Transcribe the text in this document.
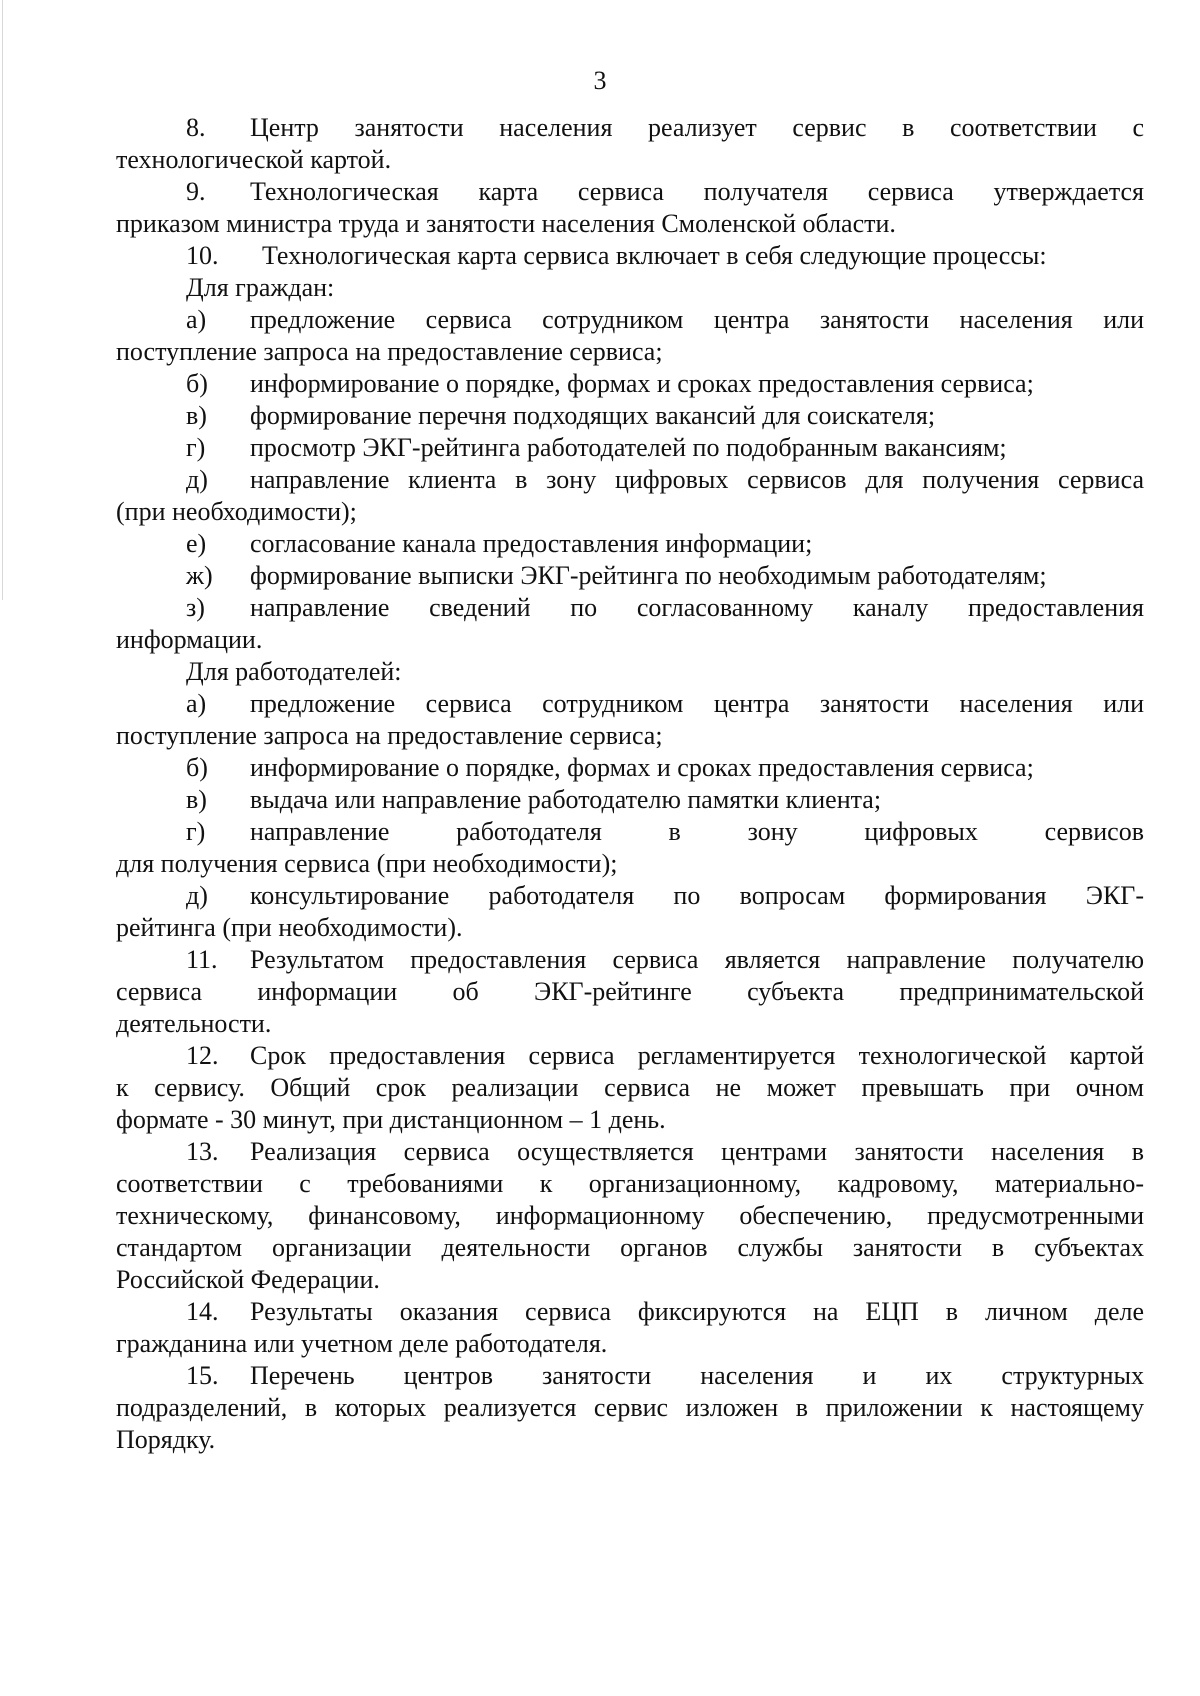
3
8. Центр занятости населения реализует сервис в соответствии с
технологической картой.
9. Технологическая карта сервиса получателя сервиса утверждается
приказом министра труда и занятости населения Смоленской области.
10. Технологическая карта сервиса включает в себя следующие процессы:
Для граждан:
а) предложение сервиса сотрудником центра занятости населения или
поступление запроса на предоставление сервиса;
б) информирование о порядке, формах и сроках предоставления сервиса;
в) формирование перечня подходящих вакансий для соискателя;
г) просмотр ЭКГ-рейтинга работодателей по подобранным вакансиям;
д) направление клиента в зону цифровых сервисов для получения сервиса
(при необходимости);
е) согласование канала предоставления информации;
ж) формирование выписки ЭКГ-рейтинга по необходимым работодателям;
з) направление сведений по согласованному каналу предоставления
информации.
Для работодателей:
а) предложение сервиса сотрудником центра занятости населения или
поступление запроса на предоставление сервиса;
б) информирование о порядке, формах и сроках предоставления сервиса;
в) выдача или направление работодателю памятки клиента;
г) направление работодателя в зону цифровых сервисов
для получения сервиса (при необходимости);
д) консультирование работодателя по вопросам формирования ЭКГ-
рейтинга (при необходимости).
11. Результатом предоставления сервиса является направление получателю
сервиса информации об ЭКГ-рейтинге субъекта предпринимательской
деятельности.
12. Срок предоставления сервиса регламентируется технологической картой
к сервису. Общий срок реализации сервиса не может превышать при очном
формате - 30 минут, при дистанционном – 1 день.
13. Реализация сервиса осуществляется центрами занятости населения в
соответствии с требованиями к организационному, кадровому, материально-
техническому, финансовому, информационному обеспечению, предусмотренными
стандартом организации деятельности органов службы занятости в субъектах
Российской Федерации.
14. Результаты оказания сервиса фиксируются на ЕЦП в личном деле
гражданина или учетном деле работодателя.
15. Перечень центров занятости населения и их структурных
подразделений, в которых реализуется сервис изложен в приложении к настоящему
Порядку.
